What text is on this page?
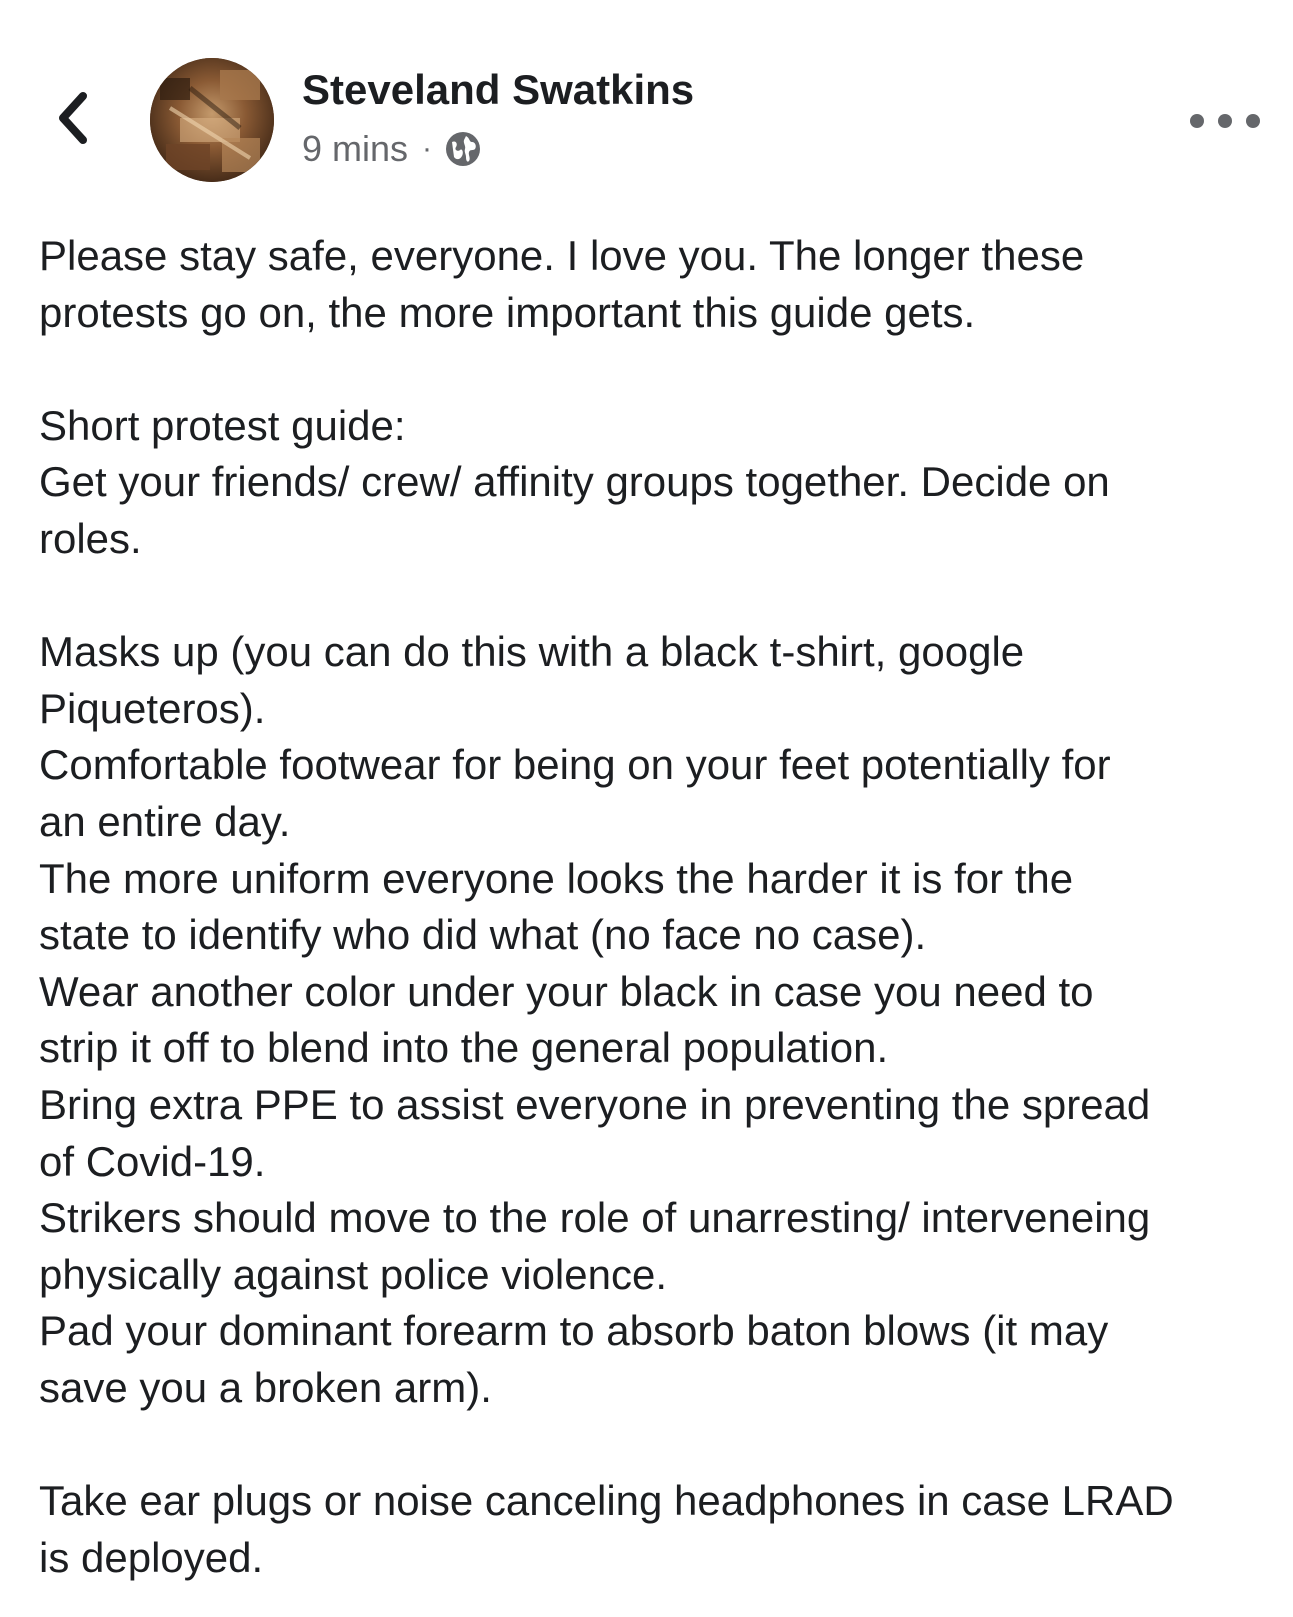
Steveland Swatkins
9 mins ·

Please stay safe, everyone. I love you. The longer these

protests go on, the more important this guide gets.

Short protest guide:

Get your friends/ crew/ affinity groups together. Decide on

roles.

Masks up (you can do this with a black t-shirt, google

Piqueteros).

Comfortable footwear for being on your feet potentially for

an entire day.

The more uniform everyone looks the harder it is for the

state to identify who did what (no face no case).

Wear another color under your black in case you need to

strip it off to blend into the general population.

Bring extra PPE to assist everyone in preventing the spread

of Covid-19.

Strikers should move to the role of unarresting/ interveneing

physically against police violence.

Pad your dominant forearm to absorb baton blows (it may

save you a broken arm).

Take ear plugs or noise canceling headphones in case LRAD

is deployed.
